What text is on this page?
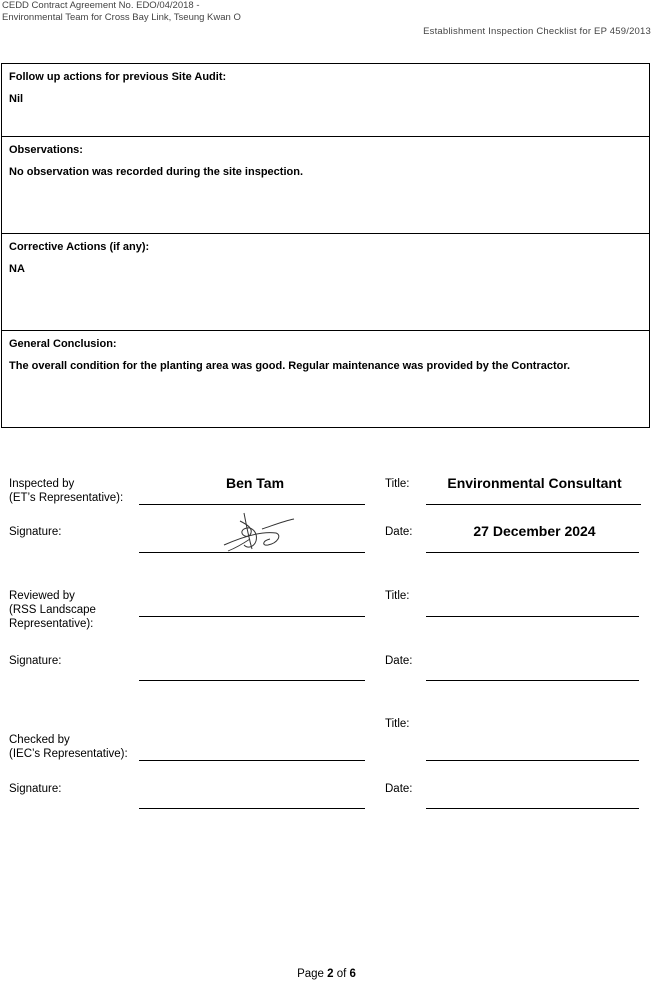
CEDD Contract Agreement No. EDO/04/2018 -
Environmental Team for Cross Bay Link, Tseung Kwan O
Establishment Inspection Checklist for EP 459/2013
Follow up actions for previous Site Audit:
Nil
Observations:
No observation was recorded during the site inspection.
Corrective Actions (if any):
NA
General Conclusion:
The overall condition for the planting area was good. Regular maintenance was provided by the Contractor.
Inspected by
(ET’s Representative):
Ben Tam	Title:	Environmental Consultant
Signature:	Date:	27 December 2024
Reviewed by
(RSS Landscape
Representative):
Title:
Signature:	Date:
Title:
Checked by
(IEC’s Representative):
Signature:	Date:
Page 2 of 6
